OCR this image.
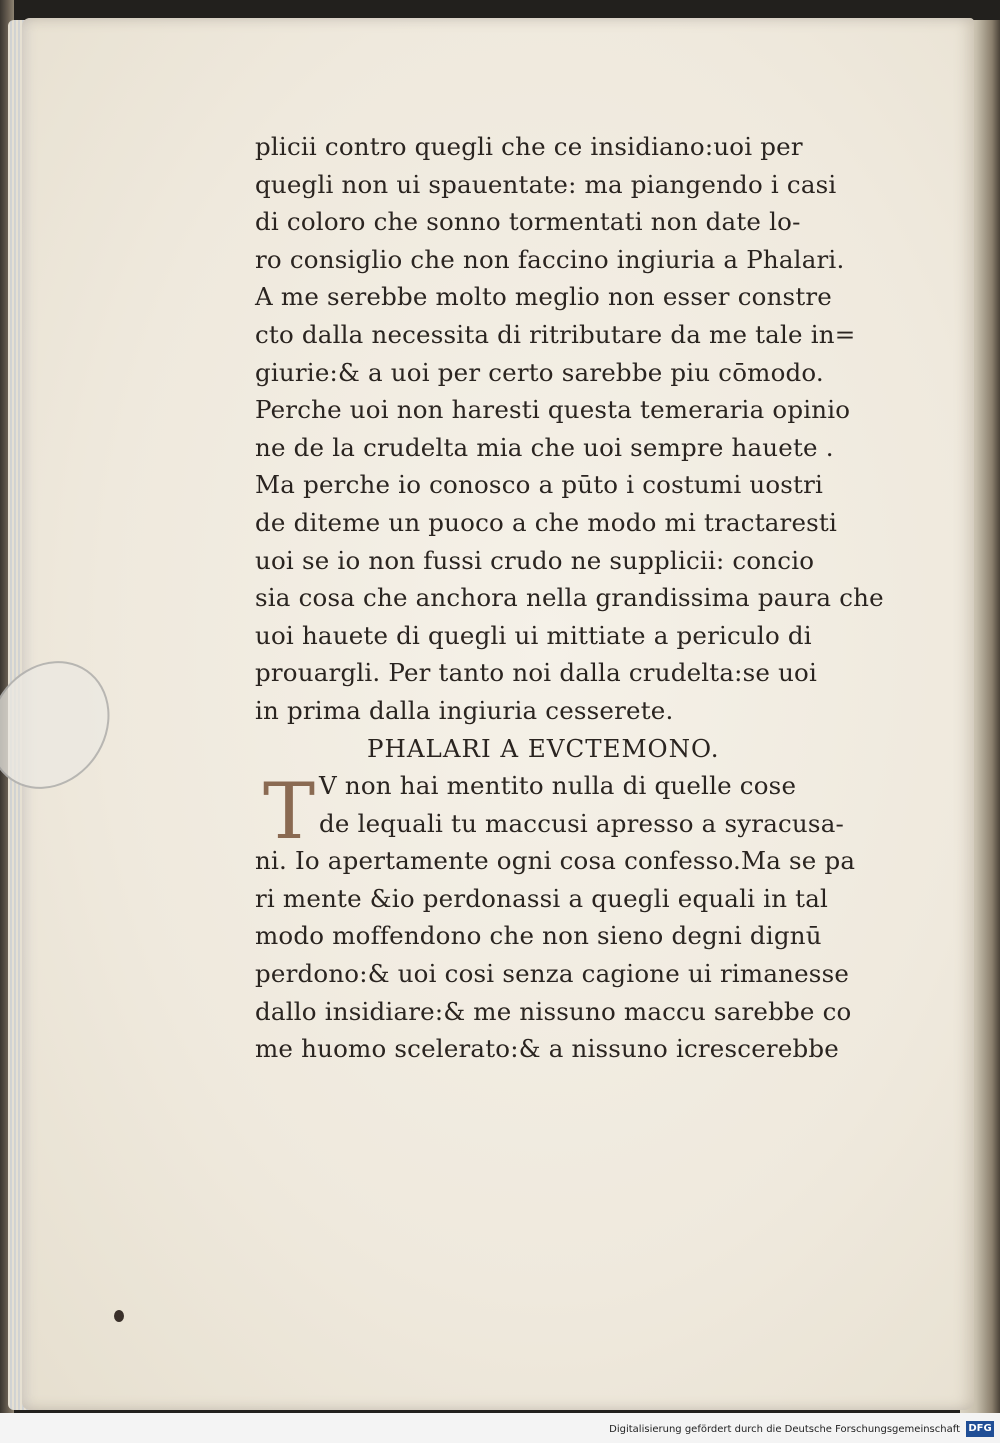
plicii contro quegli che ce insidiano:uoi per
quegli non ui spauentate: ma piangendo i casi
di coloro che sonno tormentati non date lo-
ro consiglio che non faccino ingiuria a Phalari.
A me serebbe molto meglio non esser constre
cto dalla necessita di ritributare da me tale in=
giurie:& a uoi per certo sarebbe piu cōmodo.
Perche uoi non haresti questa temeraria opinio
ne de la crudelta mia che uoi sempre hauete .
Ma perche io conosco a pūto i costumi uostri
de diteme un puoco a che modo mi tractaresti
uoi se io non fussi crudo ne supplicii: concio
sia cosa che anchora nella grandissima paura che
uoi hauete di quegli ui mittiate a periculo di
prouargli. Per tanto noi dalla crudelta:se uoi
in prima dalla ingiuria cesserete.
PHALARI A EVCTEMONO.
T V non hai mentito nulla di quelle cose
de lequali tu maccusi apresso a syracusa-
ni. Io apertamente ogni cosa confesso.Ma se pa
ri mente &io perdonassi a quegli equali in tal
modo moffendono che non sieno degni dignū
perdono:& uoi cosi senza cagione ui rimanesse
dallo insidiare:& me nissuno maccu sarebbe co
me huomo scelerato:& a nissuno icrescerebbe
Digitalisierung gefördert durch die Deutsche Forschungsgemeinschaft DFG
